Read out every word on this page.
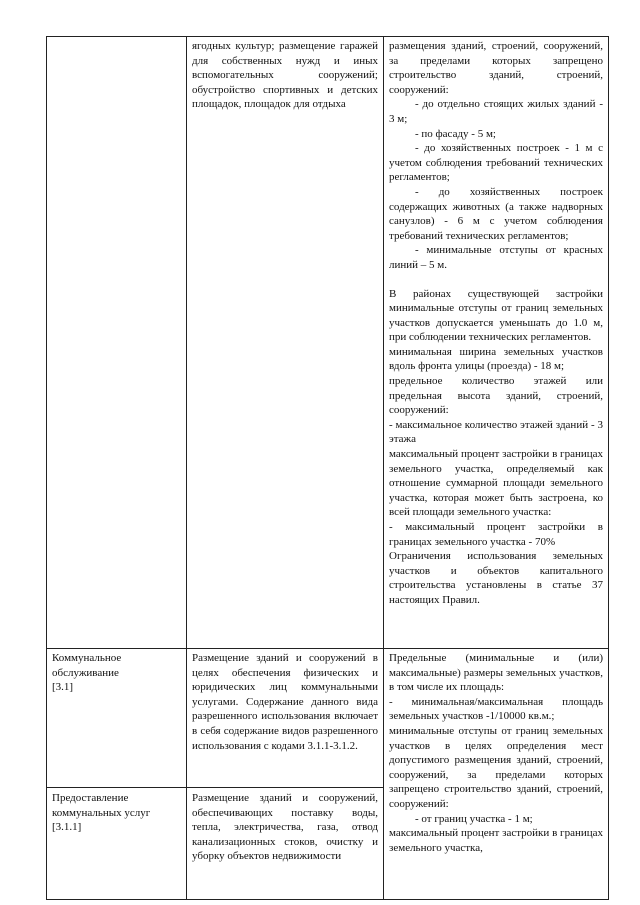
ягодных культур; размещение гаражей для собственных нужд и иных вспомогательных сооружений; обустройство спортивных и детских площадок, площадок для отдыха

размещения зданий, строений, сооружений, за пределами которых запрещено строительство зданий, строений, сооружений:

- до отдельно стоящих жилых зданий - 3 м;

- по фасаду - 5 м;

- до хозяйственных построек - 1 м с учетом соблюдения требований технических регламентов;

- до хозяйственных построек содержащих животных (а также надворных санузлов) - 6 м с учетом соблюдения требований технических регламентов;

- минимальные отступы от красных линий – 5 м.

В районах существующей застройки минимальные отступы от границ земельных участков допускается уменьшать до 1.0 м, при соблюдении технических регламентов.

минимальная ширина земельных участков вдоль фронта улицы (проезда) - 18 м;

предельное количество этажей или предельная высота зданий, строений, сооружений:

- максимальное количество этажей зданий - 3 этажа

максимальный процент застройки в границах земельного участка, определяемый как отношение суммарной площади земельного участка, которая может быть застроена, ко всей площади земельного участка:

- максимальный процент застройки в границах земельного участка - 70%

Ограничения использования земельных участков и объектов капитального строительства установлены в статье 37 настоящих Правил.

Коммунальное обслуживание

[3.1]

Размещение зданий и сооружений в целях обеспечения физических и юридических лиц коммунальными услугами. Содержание данного вида разрешенного использования включает в себя содержание видов разрешенного использования с кодами 3.1.1-3.1.2.

Предельные (минимальные и (или) максимальные) размеры земельных участков, в том числе их площадь:

- минимальная/максимальная площадь земельных участков -1/10000 кв.м.;

минимальные отступы от границ земельных участков в целях определения мест допустимого размещения зданий, строений, сооружений, за пределами которых запрещено строительство зданий, строений, сооружений:

- от границ участка - 1 м;

максимальный процент застройки в границах земельного участка,

Предоставление коммунальных услуг

[3.1.1]

Размещение зданий и сооружений, обеспечивающих поставку воды, тепла, электричества, газа, отвод канализационных стоков, очистку и уборку объектов недвижимости
